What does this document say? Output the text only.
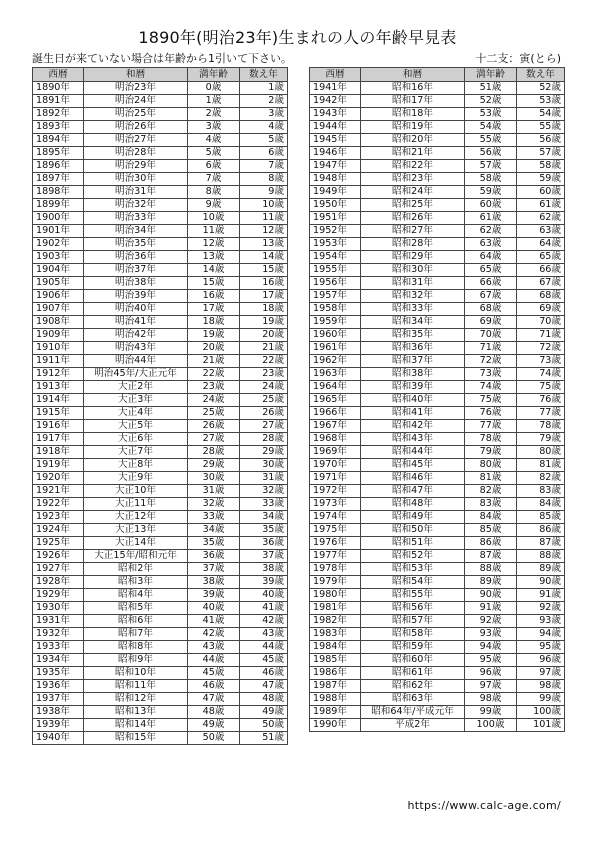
1890年(明治23年)生まれの人の年齢早見表
誕生日が来ていない場合は年齢から1引いて下さい。	十二支：寅(とら)
西暦	和暦	満年齢	数え年
1890年	明治23年	0歳	1歳
1891年	明治24年	1歳	2歳
1892年	明治25年	2歳	3歳
1893年	明治26年	3歳	4歳
1894年	明治27年	4歳	5歳
1895年	明治28年	5歳	6歳
1896年	明治29年	6歳	7歳
1897年	明治30年	7歳	8歳
1898年	明治31年	8歳	9歳
1899年	明治32年	9歳	10歳
1900年	明治33年	10歳	11歳
1901年	明治34年	11歳	12歳
1902年	明治35年	12歳	13歳
1903年	明治36年	13歳	14歳
1904年	明治37年	14歳	15歳
1905年	明治38年	15歳	16歳
1906年	明治39年	16歳	17歳
1907年	明治40年	17歳	18歳
1908年	明治41年	18歳	19歳
1909年	明治42年	19歳	20歳
1910年	明治43年	20歳	21歳
1911年	明治44年	21歳	22歳
1912年	明治45年/大正元年	22歳	23歳
1913年	大正2年	23歳	24歳
1914年	大正3年	24歳	25歳
1915年	大正4年	25歳	26歳
1916年	大正5年	26歳	27歳
1917年	大正6年	27歳	28歳
1918年	大正7年	28歳	29歳
1919年	大正8年	29歳	30歳
1920年	大正9年	30歳	31歳
1921年	大正10年	31歳	32歳
1922年	大正11年	32歳	33歳
1923年	大正12年	33歳	34歳
1924年	大正13年	34歳	35歳
1925年	大正14年	35歳	36歳
1926年	大正15年/昭和元年	36歳	37歳
1927年	昭和2年	37歳	38歳
1928年	昭和3年	38歳	39歳
1929年	昭和4年	39歳	40歳
1930年	昭和5年	40歳	41歳
1931年	昭和6年	41歳	42歳
1932年	昭和7年	42歳	43歳
1933年	昭和8年	43歳	44歳
1934年	昭和9年	44歳	45歳
1935年	昭和10年	45歳	46歳
1936年	昭和11年	46歳	47歳
1937年	昭和12年	47歳	48歳
1938年	昭和13年	48歳	49歳
1939年	昭和14年	49歳	50歳
1940年	昭和15年	50歳	51歳
西暦	和暦	満年齢	数え年
1941年	昭和16年	51歳	52歳
1942年	昭和17年	52歳	53歳
1943年	昭和18年	53歳	54歳
1944年	昭和19年	54歳	55歳
1945年	昭和20年	55歳	56歳
1946年	昭和21年	56歳	57歳
1947年	昭和22年	57歳	58歳
1948年	昭和23年	58歳	59歳
1949年	昭和24年	59歳	60歳
1950年	昭和25年	60歳	61歳
1951年	昭和26年	61歳	62歳
1952年	昭和27年	62歳	63歳
1953年	昭和28年	63歳	64歳
1954年	昭和29年	64歳	65歳
1955年	昭和30年	65歳	66歳
1956年	昭和31年	66歳	67歳
1957年	昭和32年	67歳	68歳
1958年	昭和33年	68歳	69歳
1959年	昭和34年	69歳	70歳
1960年	昭和35年	70歳	71歳
1961年	昭和36年	71歳	72歳
1962年	昭和37年	72歳	73歳
1963年	昭和38年	73歳	74歳
1964年	昭和39年	74歳	75歳
1965年	昭和40年	75歳	76歳
1966年	昭和41年	76歳	77歳
1967年	昭和42年	77歳	78歳
1968年	昭和43年	78歳	79歳
1969年	昭和44年	79歳	80歳
1970年	昭和45年	80歳	81歳
1971年	昭和46年	81歳	82歳
1972年	昭和47年	82歳	83歳
1973年	昭和48年	83歳	84歳
1974年	昭和49年	84歳	85歳
1975年	昭和50年	85歳	86歳
1976年	昭和51年	86歳	87歳
1977年	昭和52年	87歳	88歳
1978年	昭和53年	88歳	89歳
1979年	昭和54年	89歳	90歳
1980年	昭和55年	90歳	91歳
1981年	昭和56年	91歳	92歳
1982年	昭和57年	92歳	93歳
1983年	昭和58年	93歳	94歳
1984年	昭和59年	94歳	95歳
1985年	昭和60年	95歳	96歳
1986年	昭和61年	96歳	97歳
1987年	昭和62年	97歳	98歳
1988年	昭和63年	98歳	99歳
1989年	昭和64年/平成元年	99歳	100歳
1990年	平成2年	100歳	101歳
https://www.calc-age.com/
